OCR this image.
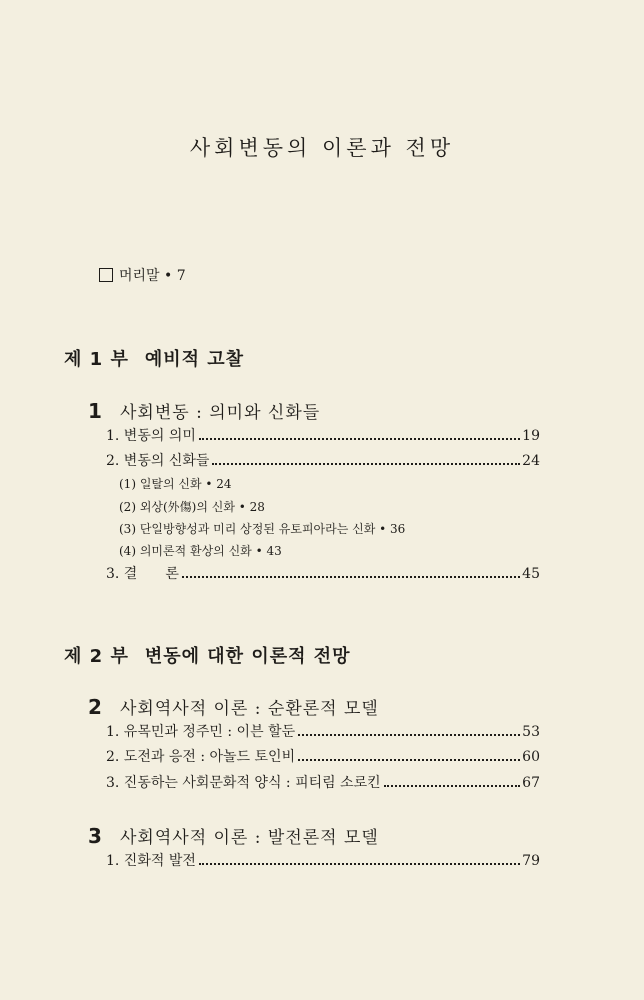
사회변동의 이론과 전망
머리말 • 7
제 1 부 예비적 고찰
1	사회변동 : 의미와 신화들
1. 변동의 의미	19
2. 변동의 신화들	24
(1) 일탈의 신화 • 24
(2) 외상(外傷)의 신화 • 28
(3) 단일방향성과 미리 상정된 유토피아라는 신화 • 36
(4) 의미론적 환상의 신화 • 43
3. 결　　론	45
제 2 부 변동에 대한 이론적 전망
2	사회역사적 이론 : 순환론적 모델
1. 유목민과 정주민 : 이븐 할둔	53
2. 도전과 응전 : 아놀드 토인비	60
3. 진동하는 사회문화적 양식 : 피티림 소로킨	67
3	사회역사적 이론 : 발전론적 모델
1. 진화적 발전	79
